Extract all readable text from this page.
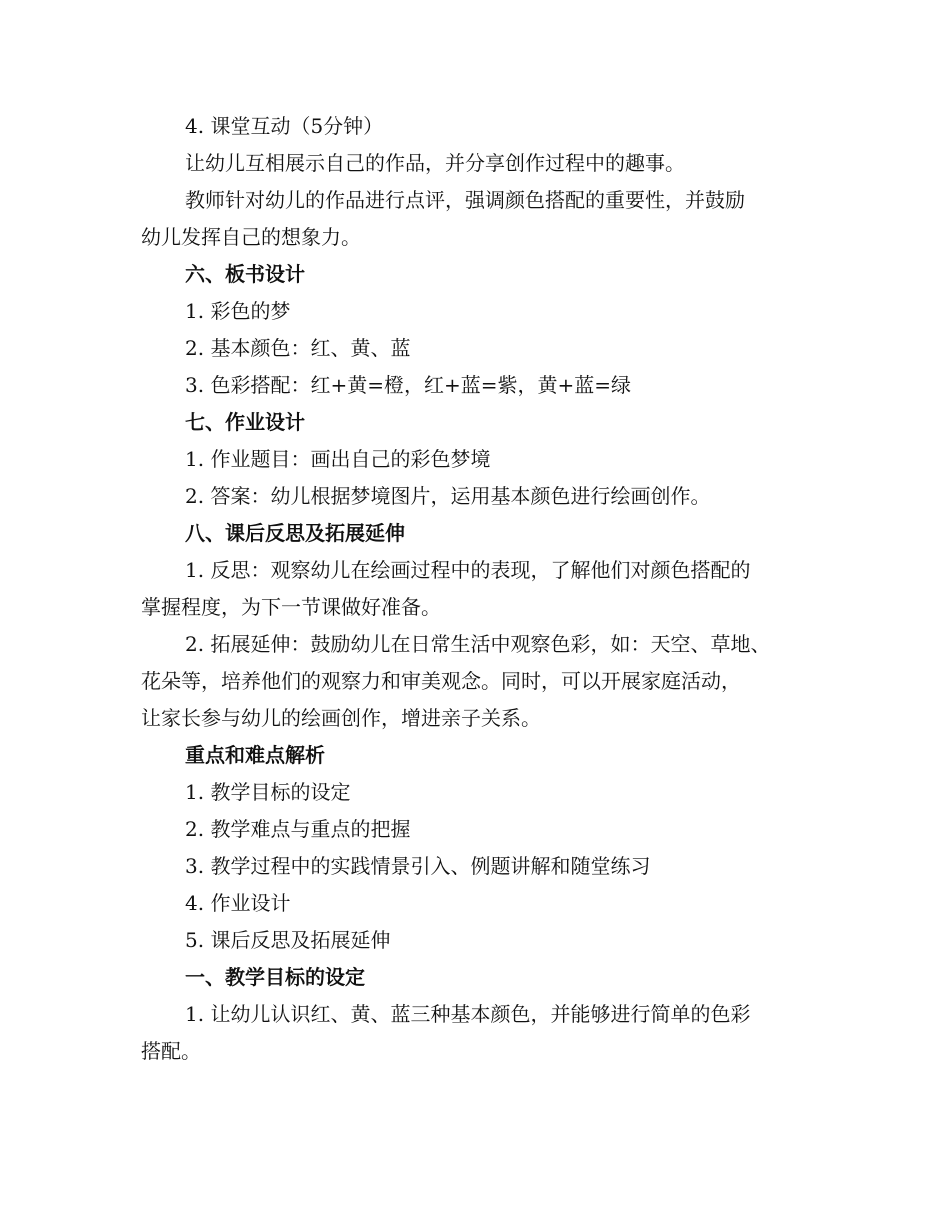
4. 课堂互动（5分钟）
让幼儿互相展示自己的作品，并分享创作过程中的趣事。
教师针对幼儿的作品进行点评，强调颜色搭配的重要性，并鼓励
幼儿发挥自己的想象力。
六、板书设计
1. 彩色的梦
2. 基本颜色：红、黄、蓝
3. 色彩搭配：红+黄=橙，红+蓝=紫，黄+蓝=绿
七、作业设计
1. 作业题目：画出自己的彩色梦境
2. 答案：幼儿根据梦境图片，运用基本颜色进行绘画创作。
八、课后反思及拓展延伸
1. 反思：观察幼儿在绘画过程中的表现，了解他们对颜色搭配的
掌握程度，为下一节课做好准备。
2. 拓展延伸：鼓励幼儿在日常生活中观察色彩，如：天空、草地、
花朵等，培养他们的观察力和审美观念。同时，可以开展家庭活动，
让家长参与幼儿的绘画创作，增进亲子关系。
重点和难点解析
1. 教学目标的设定
2. 教学难点与重点的把握
3. 教学过程中的实践情景引入、例题讲解和随堂练习
4. 作业设计
5. 课后反思及拓展延伸
一、教学目标的设定
1. 让幼儿认识红、黄、蓝三种基本颜色，并能够进行简单的色彩
搭配。
